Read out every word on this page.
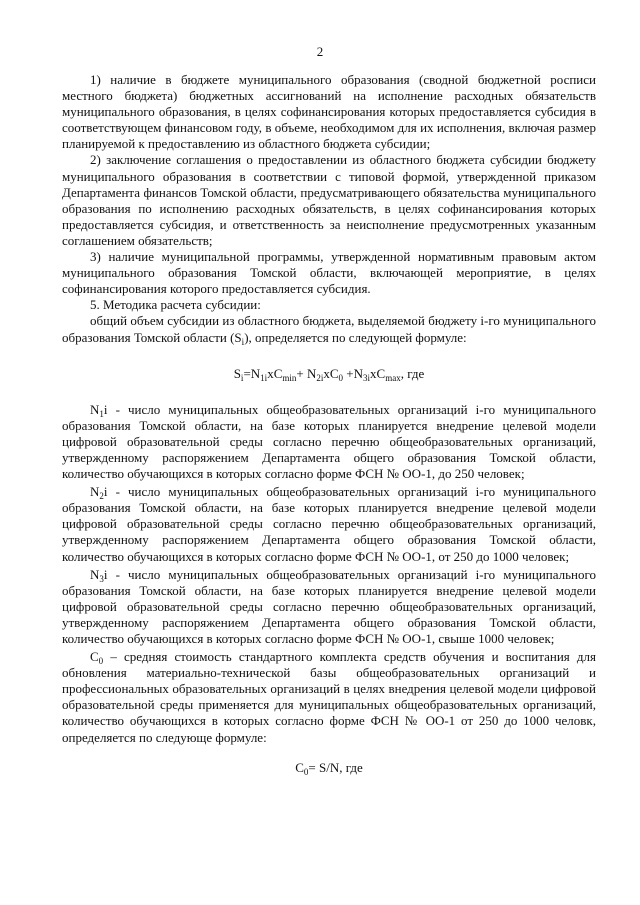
2

1) наличие в бюджете муниципального образования (сводной бюджетной росписи местного бюджета) бюджетных ассигнований на исполнение расходных обязательств муниципального образования, в целях софинансирования которых предоставляется субсидия в соответствующем финансовом году, в объеме, необходимом для их исполнения, включая размер планируемой к предоставлению из областного бюджета субсидии;

2) заключение соглашения о предоставлении из областного бюджета субсидии бюджету муниципального образования в соответствии с типовой формой, утвержденной приказом Департамента финансов Томской области, предусматривающего обязательства муниципального образования по исполнению расходных обязательств, в целях софинансирования которых предоставляется субсидия, и ответственность за неисполнение предусмотренных указанным соглашением обязательств;

3) наличие муниципальной программы, утвержденной нормативным правовым актом муниципального образования Томской области, включающей мероприятие, в целях софинансирования которого предоставляется субсидия.

5. Методика расчета субсидии:

общий объем субсидии из областного бюджета, выделяемой бюджету i-го муниципального образования Томской области $(S_i)$, определяется по следующей формуле:

$S_i=N_{1i}xC_{min}+ N_{2i}xC_0 +N_{3i}xC_{max}$, где

$N_1i$ - число муниципальных общеобразовательных организаций i-го муниципального образования Томской области, на базе которых планируется внедрение целевой модели цифровой образовательной среды согласно перечню общеобразовательных организаций, утвержденному распоряжением Департамента общего образования Томской области, количество обучающихся в которых согласно форме ФСН № ОО-1, до 250 человек;

$N_2i$ - число муниципальных общеобразовательных организаций i-го муниципального образования Томской области, на базе которых планируется внедрение целевой модели цифровой образовательной среды согласно перечню общеобразовательных организаций, утвержденному распоряжением Департамента общего образования Томской области, количество обучающихся в которых согласно форме ФСН № ОО-1, от 250 до 1000 человек;

$N_3i$ - число муниципальных общеобразовательных организаций i-го муниципального образования Томской области, на базе которых планируется внедрение целевой модели цифровой образовательной среды согласно перечню общеобразовательных организаций, утвержденному распоряжением Департамента общего образования Томской области, количество обучающихся в которых согласно форме ФСН № ОО-1, свыше 1000 человек;

$С_0$ – средняя стоимость стандартного комплекта средств обучения и воспитания для обновления материально-технической базы общеобразовательных организаций и профессиональных образовательных организаций в целях внедрения целевой модели цифровой образовательной среды применяется для муниципальных общеобразовательных организаций, количество обучающихся в которых согласно форме ФСН № ОО-1 от 250 до 1000 человк, определяется по следующе формуле:

$C_0= S/N$, где
